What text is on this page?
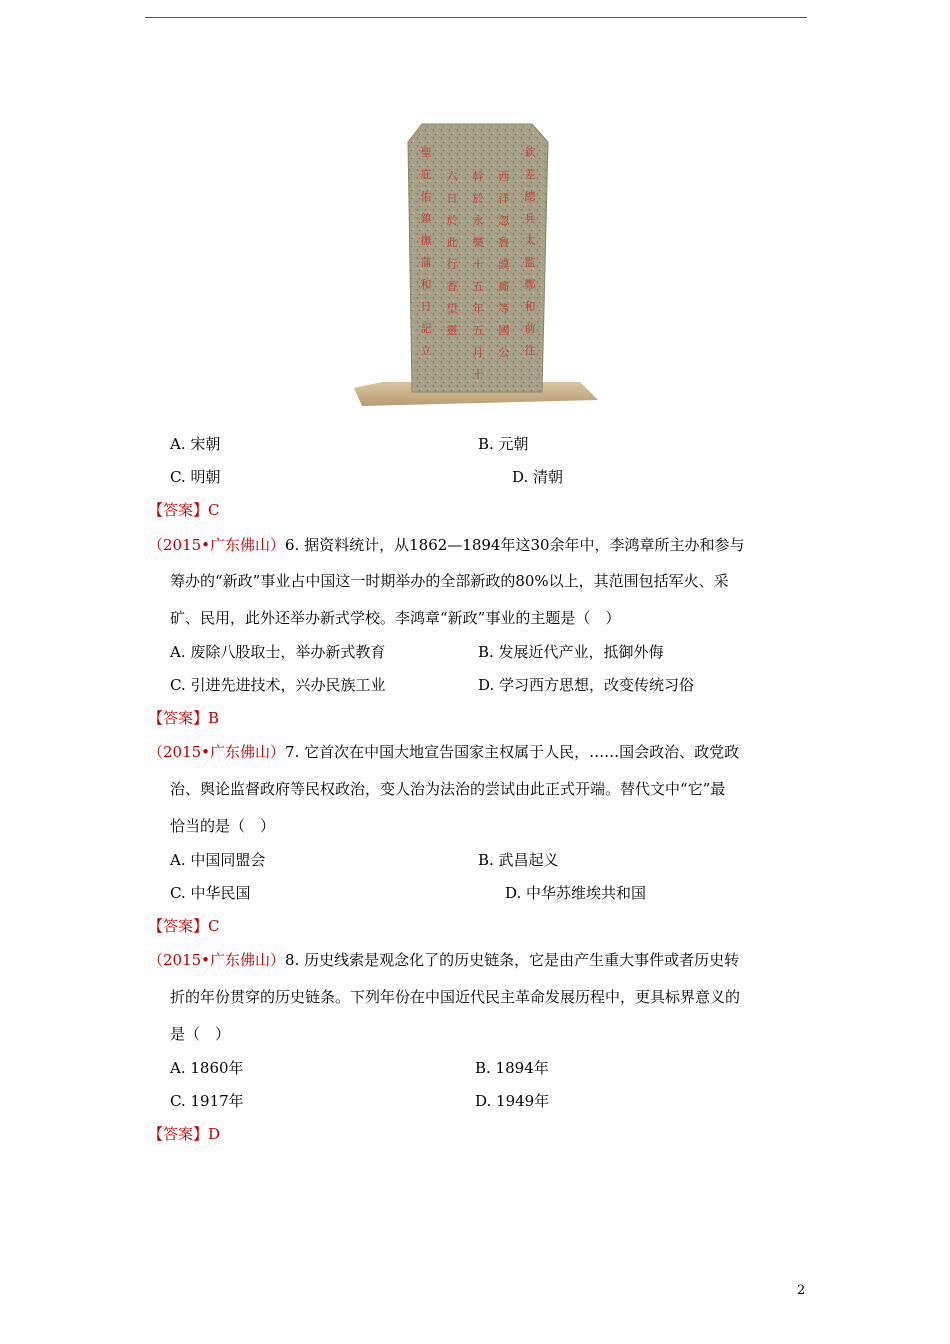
欽
差
總
兵
太
監
鄭
和
前
往
西
洋
忽
魯
謨
廝
等
國
公
幹
於
永
樂
十
五
年
五
月
十
六
日
於
此
行
香
望
靈
聖
庇
佑
鎮
撫
蒲
和
日
記
立
A. 宋朝	B. 元朝
C. 明朝	D. 清朝
【答案】C
（2015•广东佛山）6. 据资料统计，从1862—1894年这30余年中，李鸿章所主办和参与
筹办的“新政”事业占中国这一时期举办的全部新政的80%以上，其范围包括军火、采
矿、民用，此外还举办新式学校。李鸿章“新政”事业的主题是（　）
A. 废除八股取士，举办新式教育	B. 发展近代产业，抵御外侮
C. 引进先进技术，兴办民族工业	D. 学习西方思想，改变传统习俗
【答案】B
（2015•广东佛山）7. 它首次在中国大地宣告国家主权属于人民，……国会政治、政党政
治、舆论监督政府等民权政治，变人治为法治的尝试由此正式开端。替代文中“它”最
恰当的是（　）
A. 中国同盟会	B. 武昌起义
C. 中华民国	D. 中华苏维埃共和国
【答案】C
（2015•广东佛山）8. 历史线索是观念化了的历史链条，它是由产生重大事件或者历史转
折的年份贯穿的历史链条。下列年份在中国近代民主革命发展历程中，更具标界意义的
是（　）
A. 1860年	B. 1894年
C. 1917年	D. 1949年
【答案】D
2
